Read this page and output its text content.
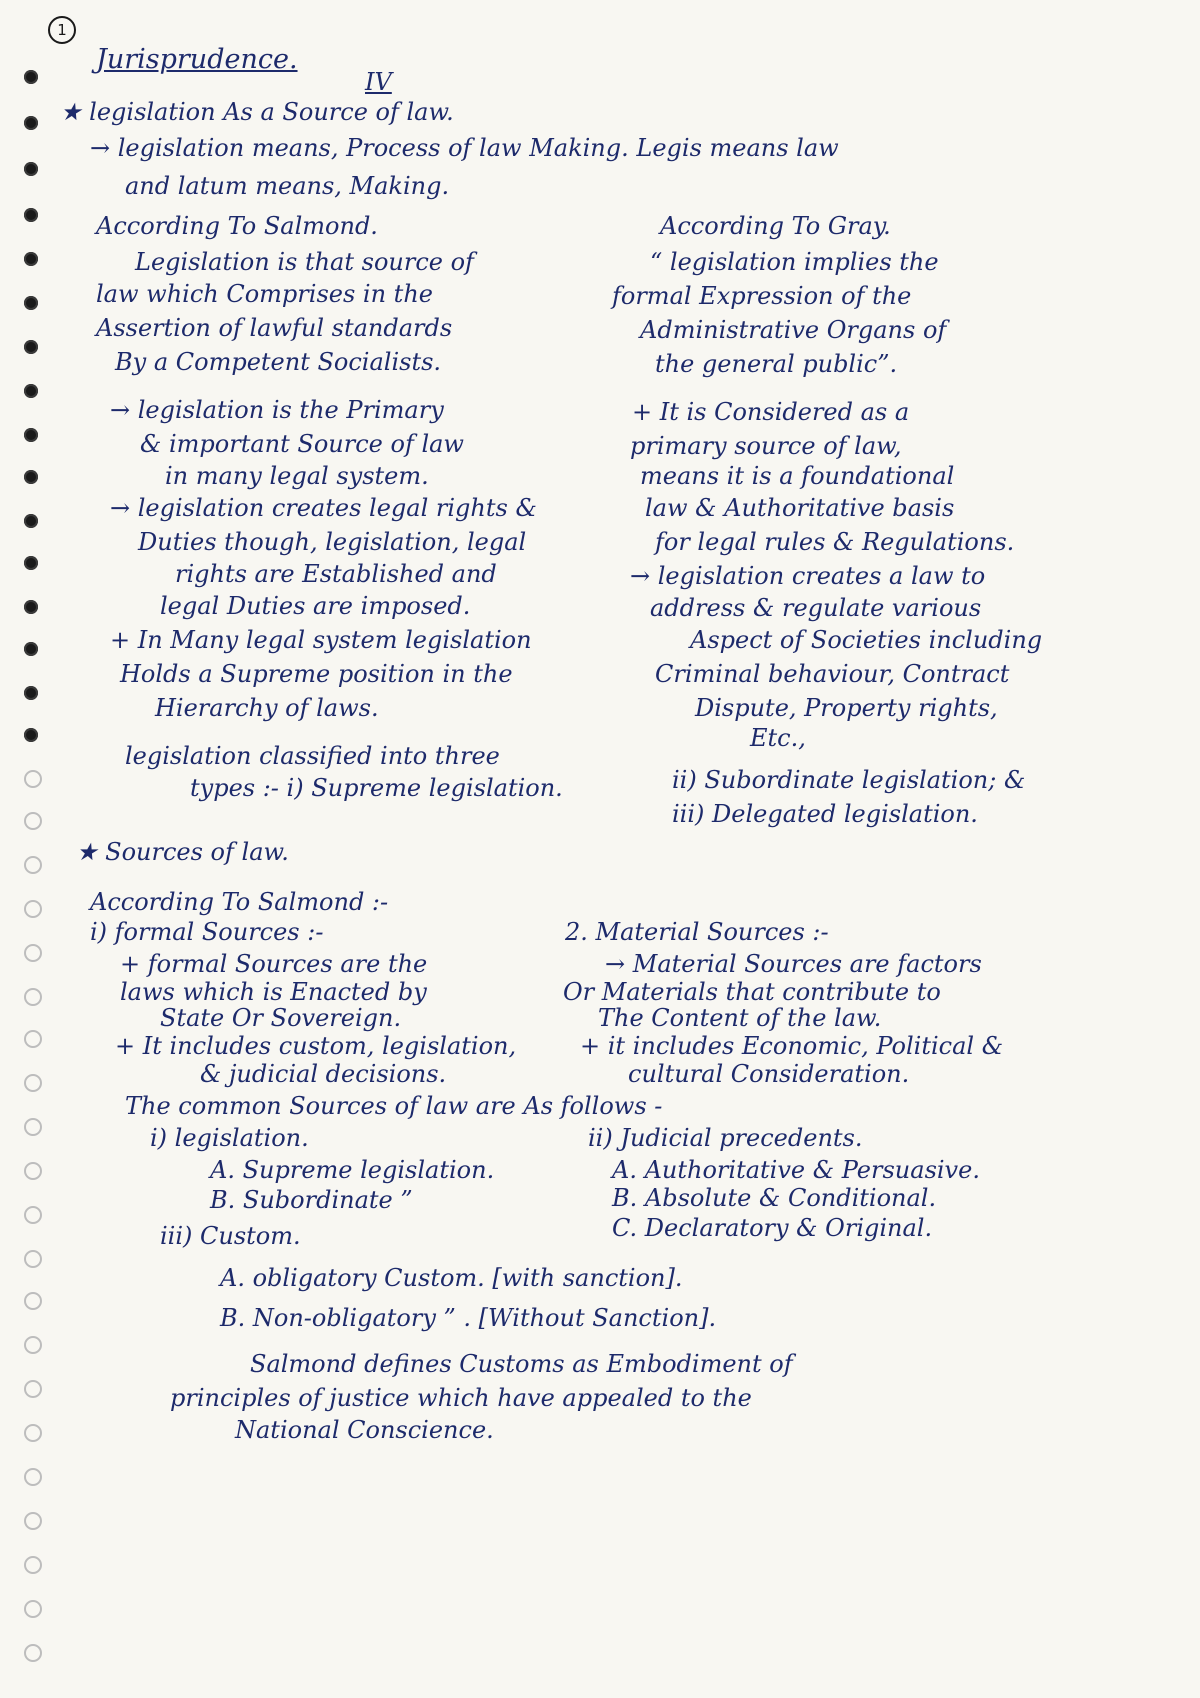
1
Jurisprudence.
IV
★ legislation As a Source of law.
→ legislation means, Process of law Making. Legis means law
and latum means, Making.
According To Salmond.
Legislation is that source of
law which Comprises in the
Assertion of lawful standards
By a Competent Socialists.
According To Gray.
“ legislation implies the
formal Expression of the
Administrative Organs of
the general public”.
→ legislation is the Primary
& important Source of law
in many legal system.
→ legislation creates legal rights &
Duties though, legislation, legal
rights are Established and
legal Duties are imposed.
+ In Many legal system legislation
Holds a Supreme position in the
Hierarchy of laws.
+ It is Considered as a
primary source of law,
means it is a foundational
law & Authoritative basis
for legal rules & Regulations.
→ legislation creates a law to
address & regulate various
Aspect of Societies including
Criminal behaviour, Contract
Dispute, Property rights,
Etc.,
legislation classified into three
types :- i) Supreme legislation.	ii) Subordinate legislation; &
iii) Delegated legislation.
★ Sources of law.
According To Salmond :-
i) formal Sources :-
+ formal Sources are the
laws which is Enacted by
State Or Sovereign.
+ It includes custom, legislation,
& judicial decisions.
2. Material Sources :-
→ Material Sources are factors
Or Materials that contribute to
The Content of the law.
+ it includes Economic, Political &
cultural Consideration.
The common Sources of law are As follows -
i) legislation.
A. Supreme legislation.
B. Subordinate ”
iii) Custom.
ii) Judicial precedents.
A. Authoritative & Persuasive.
B. Absolute & Conditional.
C. Declaratory & Original.
A. obligatory Custom. [with sanction].
B. Non-obligatory ” . [Without Sanction].
Salmond defines Customs as Embodiment of
principles of justice which have appealed to the
National Conscience.
